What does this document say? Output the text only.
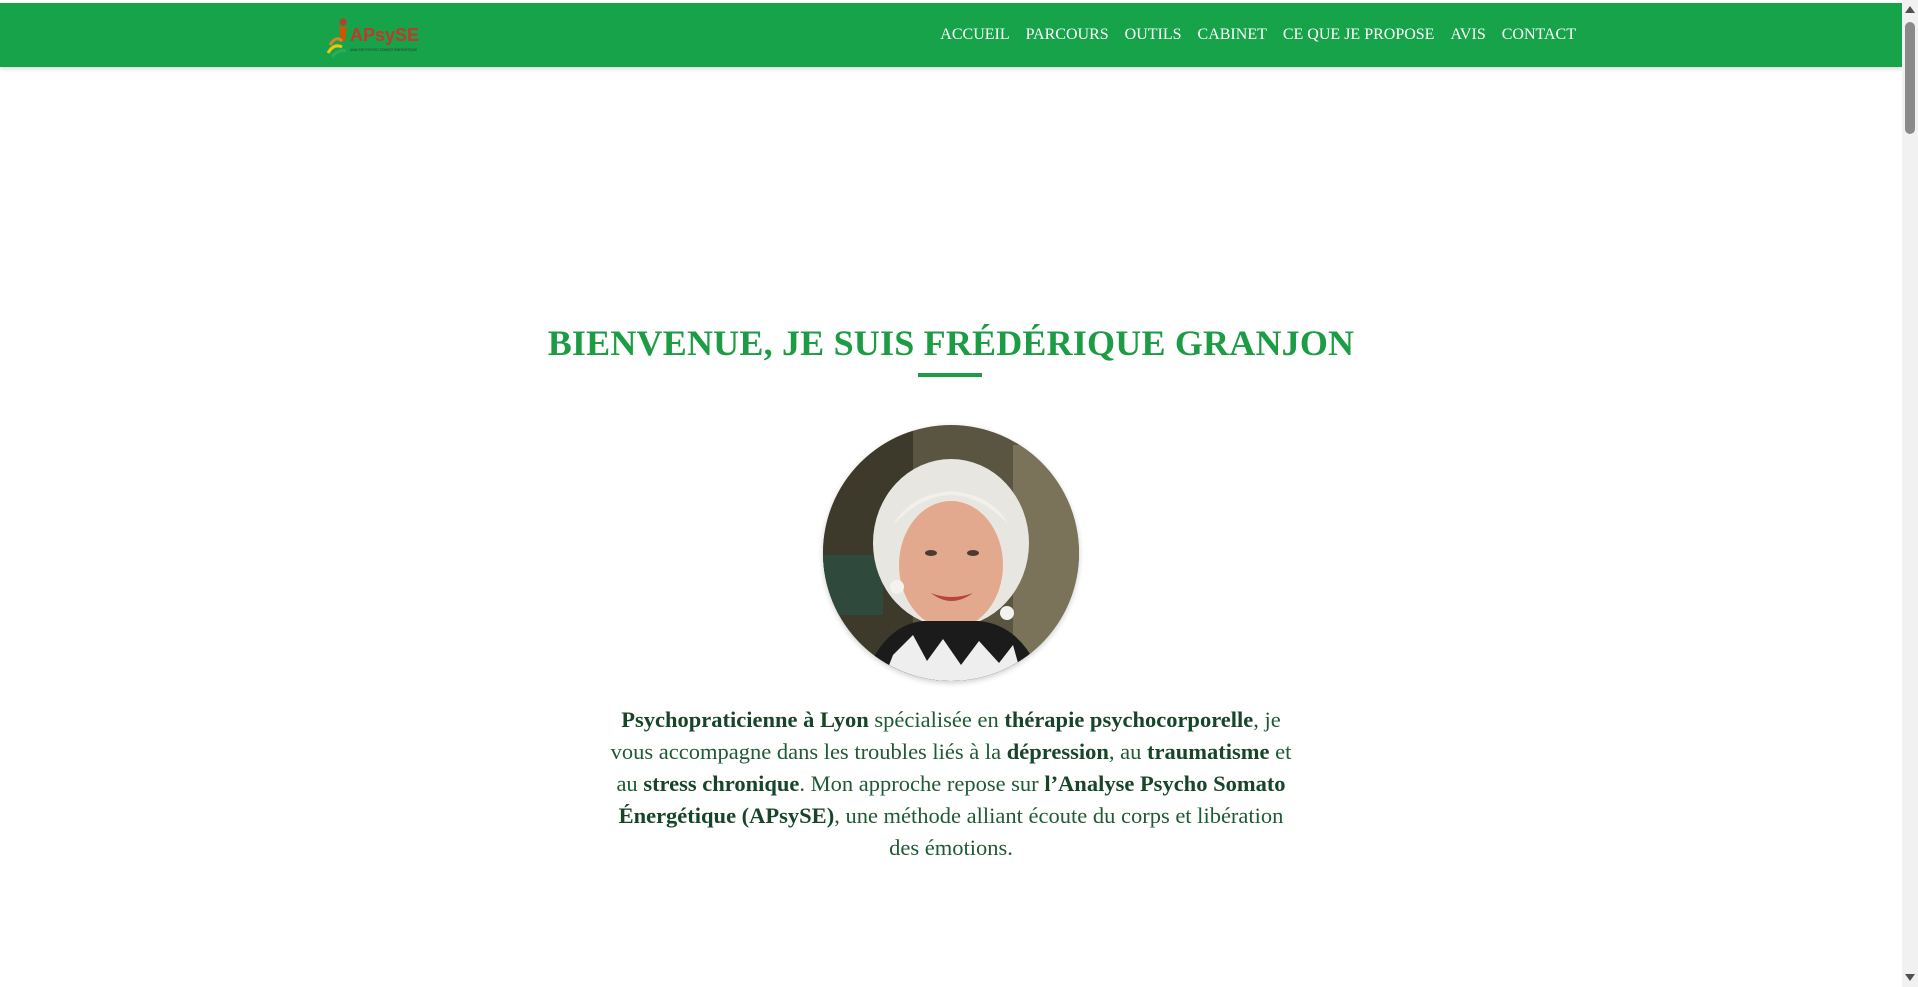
APsySE
ANALYSE PSYCHO SOMATO ÉNERGÉTIQUE
ACCUEIL PARCOURS OUTILS CABINET CE QUE JE PROPOSE AVIS CONTACT
BIENVENUE, JE SUIS FRÉDÉRIQUE GRANJON

Psychopraticienne à Lyon spécialisée en thérapie psychocorporelle, je vous accompagne dans les troubles liés à la dépression, au traumatisme et au stress chronique. Mon approche repose sur l’Analyse Psycho Somato Énergétique (APsySE), une méthode alliant écoute du corps et libération des émotions.
